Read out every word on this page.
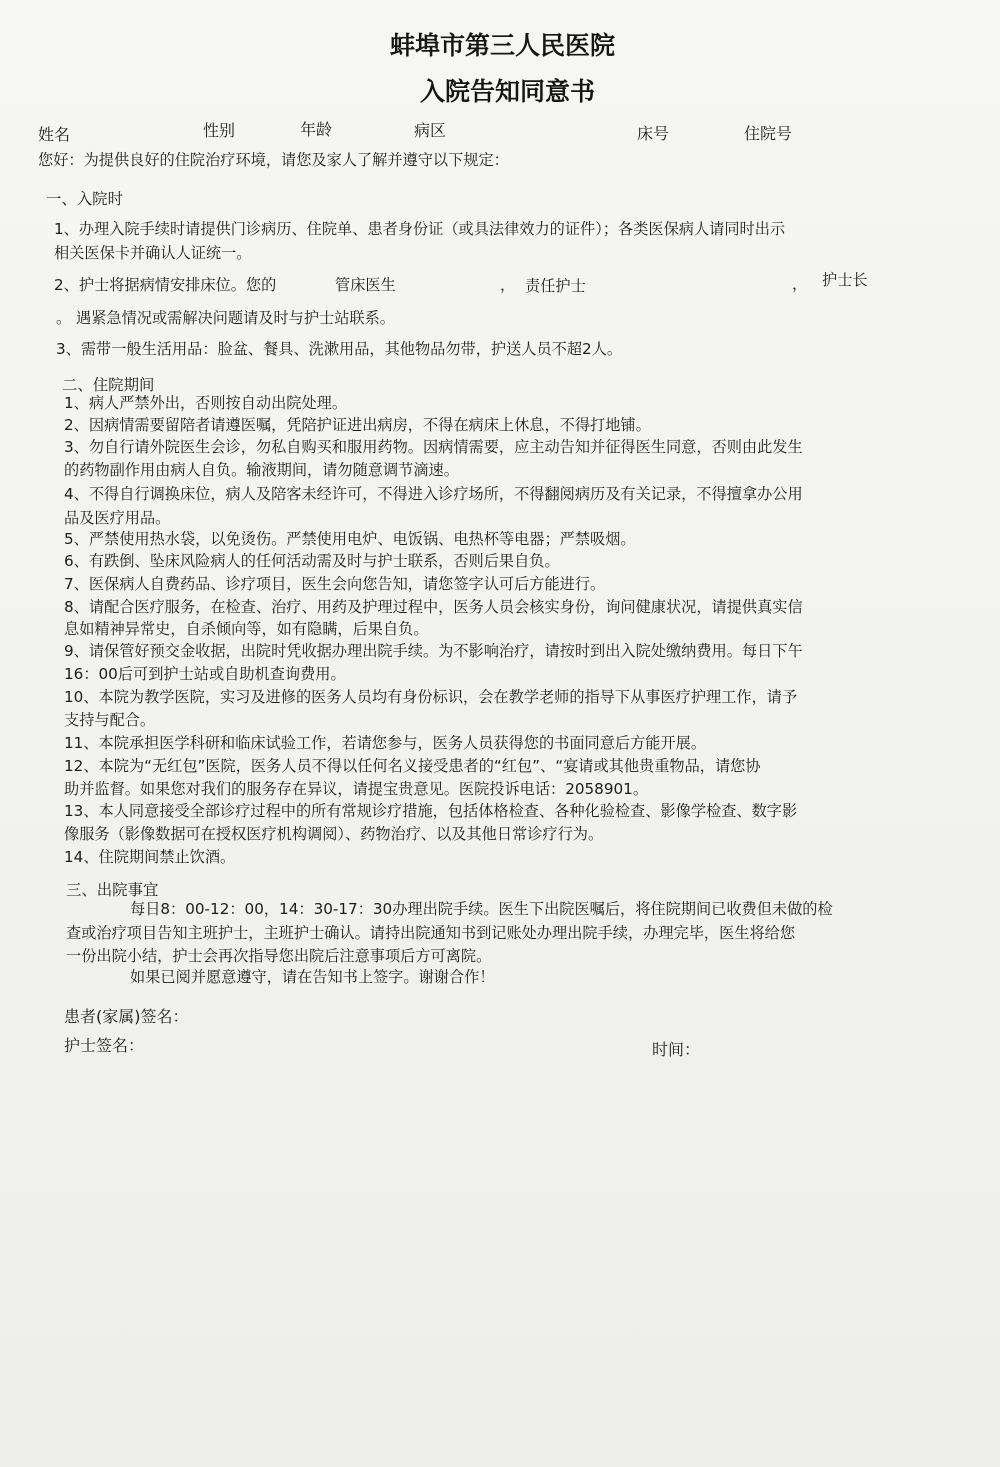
蚌埠市第三人民医院
入院告知同意书
姓名	性别	年龄	病区	床号	住院号
您好：为提供良好的住院治疗环境，请您及家人了解并遵守以下规定：
一、入院时
1、办理入院手续时请提供门诊病历、住院单、患者身份证（或具法律效力的证件）；各类医保病人请同时出示
相关医保卡并确认人证统一。
2、护士将据病情安排床位。您的	管床医生	， 责任护士	， 护士长
。 遇紧急情况或需解决问题请及时与护士站联系。
3、需带一般生活用品：脸盆、餐具、洗漱用品，其他物品勿带，护送人员不超2人。
二、住院期间
1、病人严禁外出，否则按自动出院处理。
2、因病情需要留陪者请遵医嘱，凭陪护证进出病房，不得在病床上休息，不得打地铺。
3、勿自行请外院医生会诊，勿私自购买和服用药物。因病情需要，应主动告知并征得医生同意，否则由此发生
的药物副作用由病人自负。输液期间，请勿随意调节滴速。
4、不得自行调换床位，病人及陪客未经许可，不得进入诊疗场所，不得翻阅病历及有关记录，不得擅拿办公用
品及医疗用品。
5、严禁使用热水袋，以免烫伤。严禁使用电炉、电饭锅、电热杯等电器；严禁吸烟。
6、有跌倒、坠床风险病人的任何活动需及时与护士联系，否则后果自负。
7、医保病人自费药品、诊疗项目，医生会向您告知，请您签字认可后方能进行。
8、请配合医疗服务，在检查、治疗、用药及护理过程中，医务人员会核实身份，询问健康状况，请提供真实信
息如精神异常史，自杀倾向等，如有隐瞒，后果自负。
9、请保管好预交金收据，出院时凭收据办理出院手续。为不影响治疗，请按时到出入院处缴纳费用。每日下午
16：00后可到护士站或自助机查询费用。
10、本院为教学医院，实习及进修的医务人员均有身份标识，会在教学老师的指导下从事医疗护理工作，请予
支持与配合。
11、本院承担医学科研和临床试验工作，若请您参与，医务人员获得您的书面同意后方能开展。
12、本院为“无红包”医院，医务人员不得以任何名义接受患者的“红包”、“宴请或其他贵重物品，请您协
助并监督。如果您对我们的服务存在异议，请提宝贵意见。医院投诉电话：2058901。
13、本人同意接受全部诊疗过程中的所有常规诊疗措施，包括体格检查、各种化验检查、影像学检查、数字影
像服务（影像数据可在授权医疗机构调阅）、药物治疗、以及其他日常诊疗行为。
14、住院期间禁止饮酒。
三、出院事宜
每日8：00-12：00，14：30-17：30办理出院手续。医生下出院医嘱后，将住院期间已收费但未做的检
查或治疗项目告知主班护士，主班护士确认。请持出院通知书到记账处办理出院手续，办理完毕，医生将给您
一份出院小结，护士会再次指导您出院后注意事项后方可离院。
如果已阅并愿意遵守，请在告知书上签字。谢谢合作！
患者(家属)签名：
护士签名：	时间：
